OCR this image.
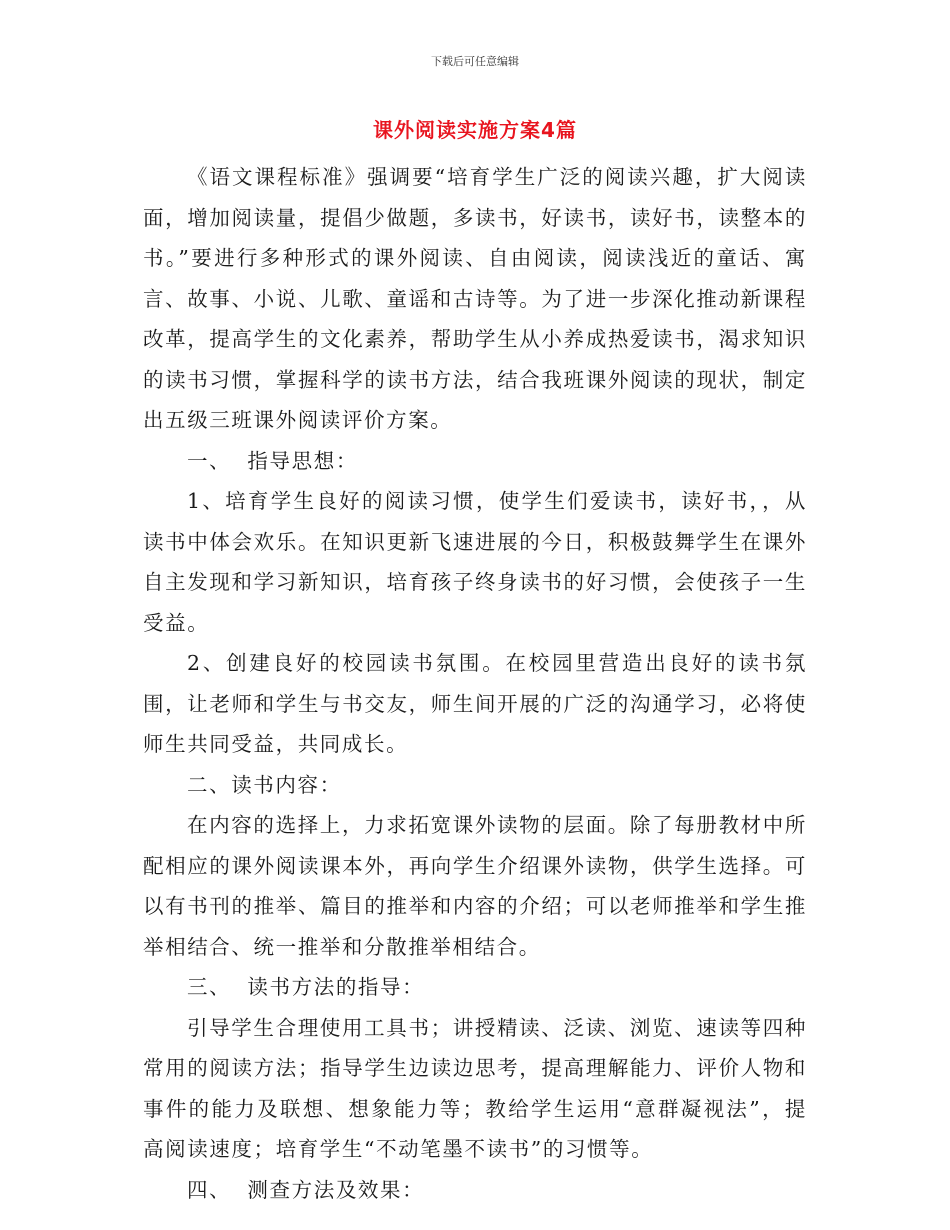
下载后可任意编辑
课外阅读实施方案4篇

《语文课程标准》强调要“培育学生广泛的阅读兴趣，扩大阅读面，增加阅读量，提倡少做题，多读书，好读书，读好书，读整本的书。”要进行多种形式的课外阅读、自由阅读，阅读浅近的童话、寓言、故事、小说、儿歌、童谣和古诗等。为了进一步深化推动新课程改革，提高学生的文化素养，帮助学生从小养成热爱读书，渴求知识的读书习惯，掌握科学的读书方法，结合我班课外阅读的现状，制定出五级三班课外阅读评价方案。

一、  指导思想：

1、培育学生良好的阅读习惯，使学生们爱读书，读好书，，从读书中体会欢乐。在知识更新飞速进展的今日，积极鼓舞学生在课外自主发现和学习新知识，培育孩子终身读书的好习惯，会使孩子一生受益。

2、创建良好的校园读书氛围。在校园里营造出良好的读书氛围，让老师和学生与书交友，师生间开展的广泛的沟通学习，必将使师生共同受益，共同成长。

二、读书内容：

在内容的选择上，力求拓宽课外读物的层面。除了每册教材中所配相应的课外阅读课本外，再向学生介绍课外读物，供学生选择。可以有书刊的推举、篇目的推举和内容的介绍；可以老师推举和学生推举相结合、统一推举和分散推举相结合。

三、  读书方法的指导：

引导学生合理使用工具书；讲授精读、泛读、浏览、速读等四种常用的阅读方法；指导学生边读边思考，提高理解能力、评价人物和事件的能力及联想、想象能力等；教给学生运用“意群凝视法”，提高阅读速度；培育学生“不动笔墨不读书”的习惯等。

四、  测查方法及效果：
